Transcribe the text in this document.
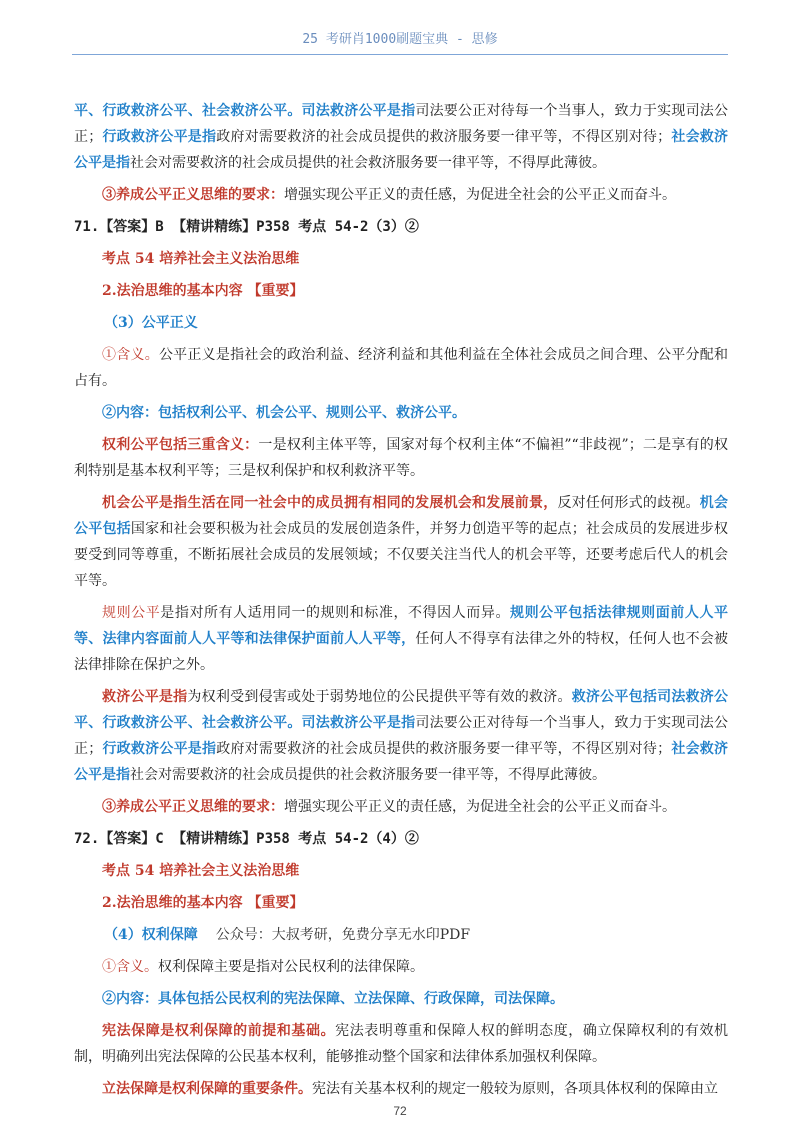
25 考研肖1000刷题宝典 - 思修

平、行政救济公平、社会救济公平。司法救济公平是指司法要公正对待每一个当事人，致力于实现司法公正；行政救济公平是指政府对需要救济的社会成员提供的救济服务要一律平等，不得区别对待；社会救济公平是指社会对需要救济的社会成员提供的社会救济服务要一律平等，不得厚此薄彼。

③养成公平正义思维的要求：增强实现公平正义的责任感，为促进全社会的公平正义而奋斗。

71.【答案】B 【精讲精练】P358 考点 54-2（3）②

考点 54 培养社会主义法治思维

2.法治思维的基本内容 【重要】

（3）公平正义

①含义。公平正义是指社会的政治利益、经济利益和其他利益在全体社会成员之间合理、公平分配和占有。

②内容：包括权利公平、机会公平、规则公平、救济公平。

权利公平包括三重含义：一是权利主体平等，国家对每个权利主体“不偏袒”“非歧视”；二是享有的权利特别是基本权利平等；三是权利保护和权利救济平等。

机会公平是指生活在同一社会中的成员拥有相同的发展机会和发展前景，反对任何形式的歧视。机会公平包括国家和社会要积极为社会成员的发展创造条件，并努力创造平等的起点；社会成员的发展进步权要受到同等尊重，不断拓展社会成员的发展领域；不仅要关注当代人的机会平等，还要考虑后代人的机会平等。

规则公平是指对所有人适用同一的规则和标准，不得因人而异。规则公平包括法律规则面前人人平等、法律内容面前人人平等和法律保护面前人人平等，任何人不得享有法律之外的特权，任何人也不会被法律排除在保护之外。

救济公平是指为权利受到侵害或处于弱势地位的公民提供平等有效的救济。救济公平包括司法救济公平、行政救济公平、社会救济公平。司法救济公平是指司法要公正对待每一个当事人，致力于实现司法公正；行政救济公平是指政府对需要救济的社会成员提供的救济服务要一律平等，不得区别对待；社会救济公平是指社会对需要救济的社会成员提供的社会救济服务要一律平等，不得厚此薄彼。

③养成公平正义思维的要求：增强实现公平正义的责任感，为促进全社会的公平正义而奋斗。

72.【答案】C 【精讲精练】P358 考点 54-2（4）②

考点 54 培养社会主义法治思维

2.法治思维的基本内容 【重要】

（4）权利保障 公众号：大叔考研，免费分享无水印PDF

①含义。权利保障主要是指对公民权利的法律保障。

②内容：具体包括公民权利的宪法保障、立法保障、行政保障，司法保障。

宪法保障是权利保障的前提和基础。宪法表明尊重和保障人权的鲜明态度，确立保障权利的有效机制，明确列出宪法保障的公民基本权利，能够推动整个国家和法律体系加强权利保障。

立法保障是权利保障的重要条件。宪法有关基本权利的规定一般较为原则，各项具体权利的保障由立

72
